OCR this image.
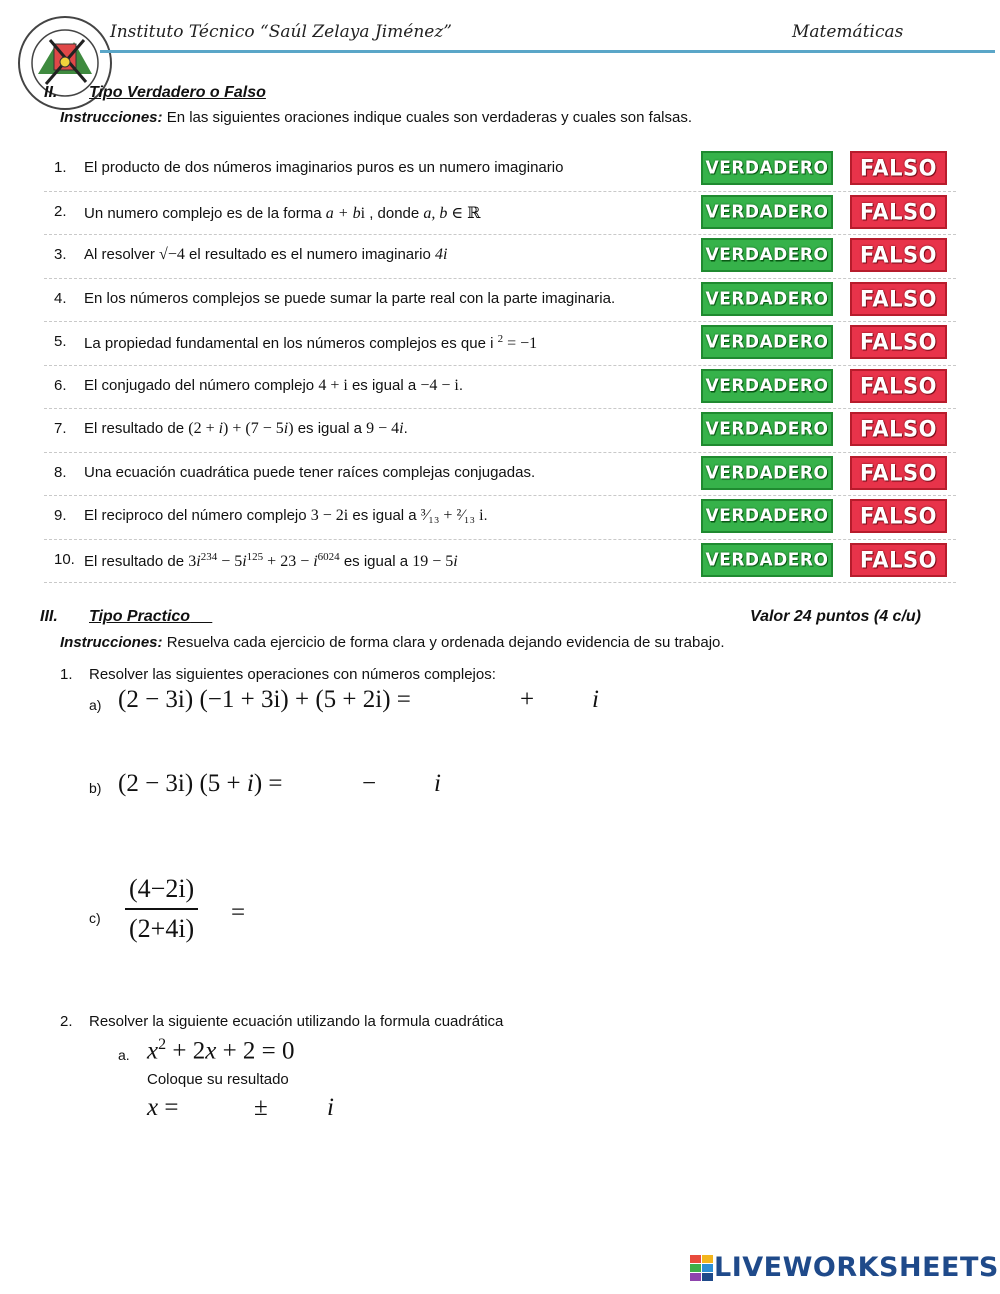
Instituto Técnico “Saúl Zelaya Jiménez”	Matemáticas
II. Tipo Verdadero o Falso
Instrucciones: En las siguientes oraciones indique cuales son verdaderas y cuales son falsas.
1. El producto de dos números imaginarios puros es un numero imaginario	VERDADERO FALSO
2. Un numero complejo es de la forma a + bi , donde a, b ∈ ℝ	VERDADERO FALSO
3. Al resolver √−4 el resultado es el numero imaginario 4i	VERDADERO FALSO
4. En los números complejos se puede sumar la parte real con la parte imaginaria.	VERDADERO FALSO
5. La propiedad fundamental en los números complejos es que i $^2$ = −1	VERDADERO FALSO
6. El conjugado del número complejo 4 + i es igual a −4 − i.	VERDADERO FALSO
7. El resultado de (2 + i) + (7 − 5i) es igual a 9 − 4i.	VERDADERO FALSO
8. Una ecuación cuadrática puede tener raíces complejas conjugadas.	VERDADERO FALSO
9. El reciproco del número complejo 3 − 2i es igual a ³⁄₁₃ + ²⁄₁₃ i.	VERDADERO FALSO
10. El resultado de $3i^{234} - 5i^{125} + 23 - i^{6024}$ es igual a 19 − 5i	VERDADERO FALSO
III. Tipo Practico	Valor 24 puntos (4 c/u)
Instrucciones: Resuelva cada ejercicio de forma clara y ordenada dejando evidencia de su trabajo.
1. Resolver las siguientes operaciones con números complejos:
a) (2 − 3i) (−1 + 3i) + (5 + 2i) =	+ i
b) (2 − 3i) (5 + i) =	− i
$c) \frac{(4-2i)}{(2+4i)}$ =
2. Resolver la siguiente ecuación utilizando la formula cuadrática
a. $x^2 + 2x + 2 = 0$
Coloque su resultado
x =	± i
LIVEWORKSHEETS
